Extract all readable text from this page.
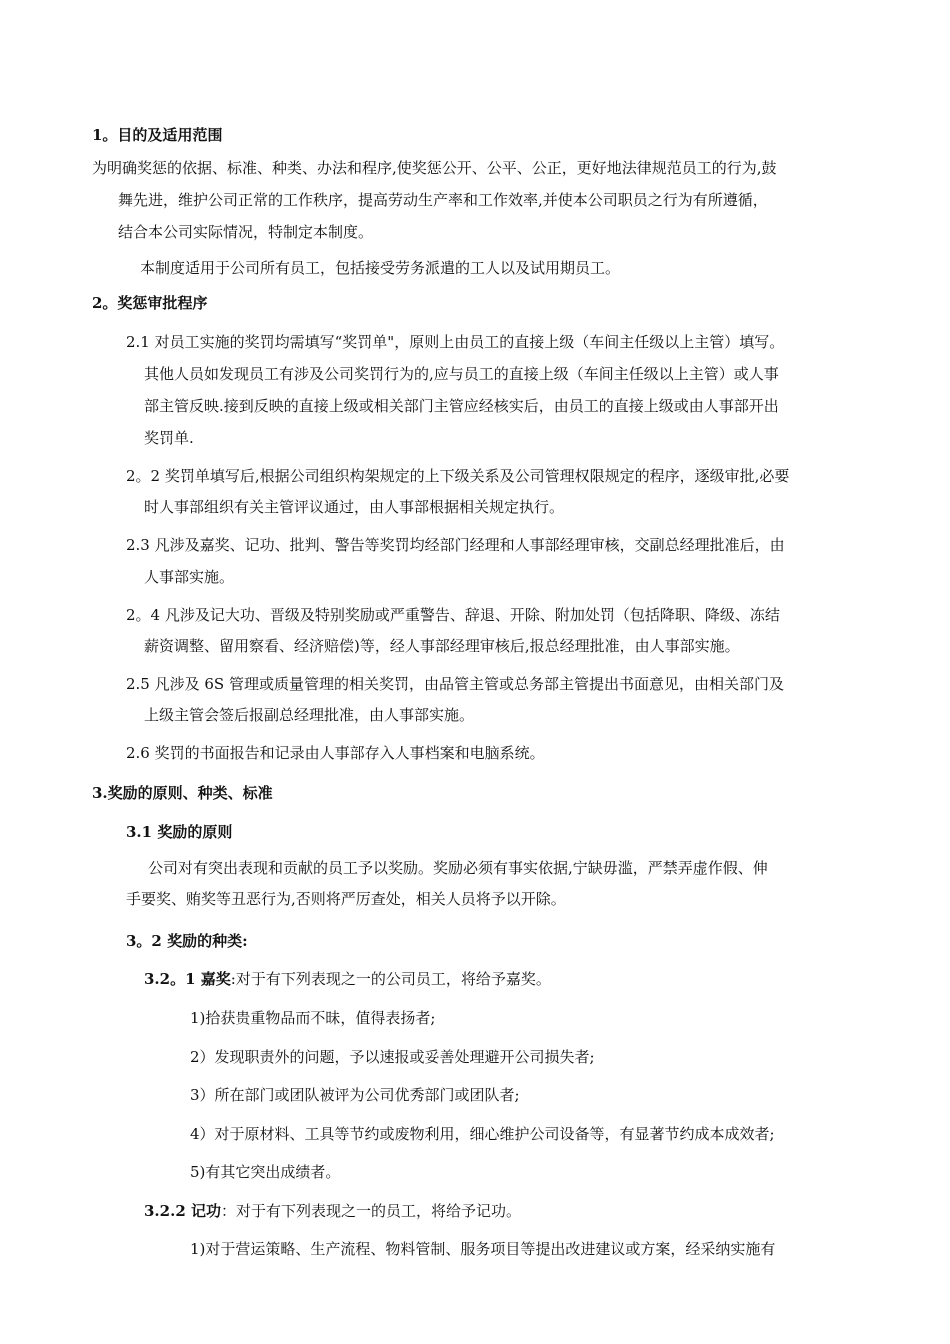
1。目的及适用范围
为明确奖惩的依据、标准、种类、办法和程序,使奖惩公开、公平、公正，更好地法律规范员工的行为,鼓
舞先进，维护公司正常的工作秩序，提高劳动生产率和工作效率,并使本公司职员之行为有所遵循，
结合本公司实际情况，特制定本制度。
本制度适用于公司所有员工，包括接受劳务派遣的工人以及试用期员工。
2。奖惩审批程序
2.1 对员工实施的奖罚均需填写“奖罚单"，原则上由员工的直接上级（车间主任级以上主管）填写。
其他人员如发现员工有涉及公司奖罚行为的,应与员工的直接上级（车间主任级以上主管）或人事
部主管反映.接到反映的直接上级或相关部门主管应经核实后，由员工的直接上级或由人事部开出
奖罚单.
2。2 奖罚单填写后,根据公司组织构架规定的上下级关系及公司管理权限规定的程序，逐级审批,必要
时人事部组织有关主管评议通过，由人事部根据相关规定执行。
2.3 凡涉及嘉奖、记功、批判、警告等奖罚均经部门经理和人事部经理审核，交副总经理批准后，由
人事部实施。
2。4 凡涉及记大功、晋级及特别奖励或严重警告、辞退、开除、附加处罚（包括降职、降级、冻结
薪资调整、留用察看、经济赔偿)等，经人事部经理审核后,报总经理批准，由人事部实施。
2.5 凡涉及 6S 管理或质量管理的相关奖罚，由品管主管或总务部主管提出书面意见，由相关部门及
上级主管会签后报副总经理批准，由人事部实施。
2.6 奖罚的书面报告和记录由人事部存入人事档案和电脑系统。
3.奖励的原则、种类、标准
3.1 奖励的原则
公司对有突出表现和贡献的员工予以奖励。奖励必须有事实依据,宁缺毋滥，严禁弄虚作假、伸
手要奖、贿奖等丑恶行为,否则将严厉查处，相关人员将予以开除。
3。2 奖励的种类:
3.2。1 嘉奖:对于有下列表现之一的公司员工，将给予嘉奖。
1)拾获贵重物品而不昧，值得表扬者;
2）发现职责外的问题，予以速报或妥善处理避开公司损失者;
3）所在部门或团队被评为公司优秀部门或团队者;
4）对于原材料、工具等节约或废物利用，细心维护公司设备等，有显著节约成本成效者;
5)有其它突出成绩者。
3.2.2 记功：对于有下列表现之一的员工，将给予记功。
1)对于营运策略、生产流程、物料管制、服务项目等提出改进建议或方案，经采纳实施有
